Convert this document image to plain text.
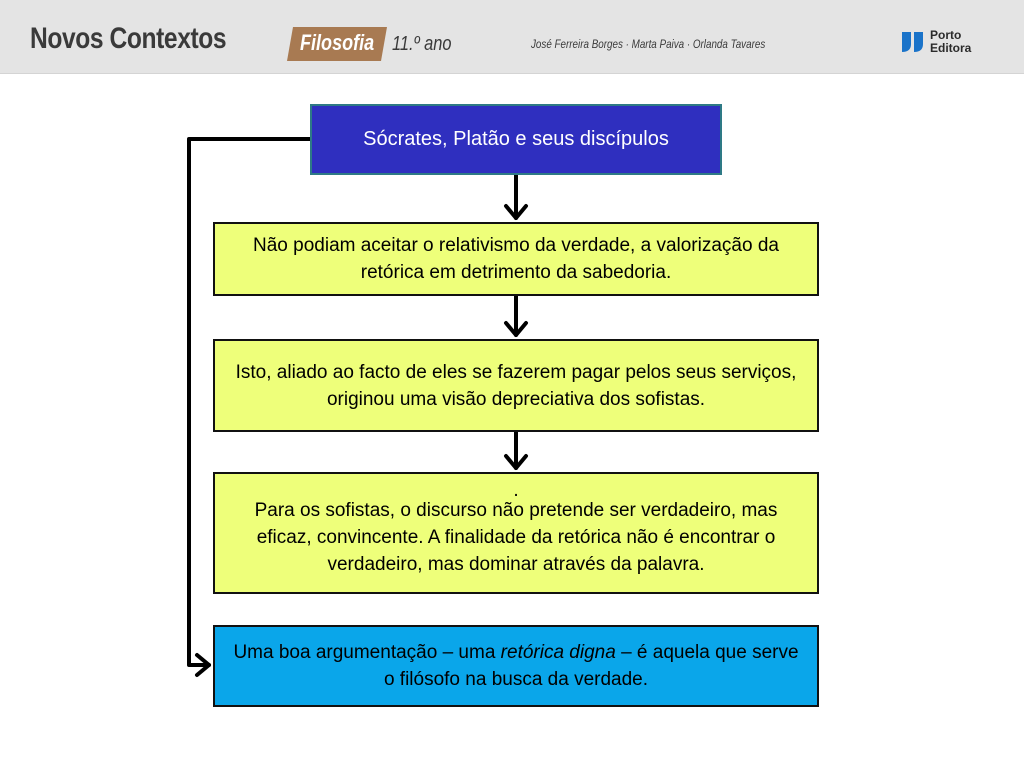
Novos Contextos	Filosofia 11.º ano	José Ferreira Borges · Marta Paiva · Orlanda Tavares
Porto
Editora
Sócrates, Platão e seus discípulos
Não podiam aceitar o relativismo da verdade, a valorização da retórica em detrimento da sabedoria.
Isto, aliado ao facto de eles se fazerem pagar pelos seus serviços, originou uma visão depreciativa dos sofistas.
.
Para os sofistas, o discurso não pretende ser verdadeiro, mas eficaz, convincente. A finalidade da retórica não é encontrar o verdadeiro, mas dominar através da palavra.
Uma boa argumentação – uma retórica digna – é aquela que serve o filósofo na busca da verdade.
